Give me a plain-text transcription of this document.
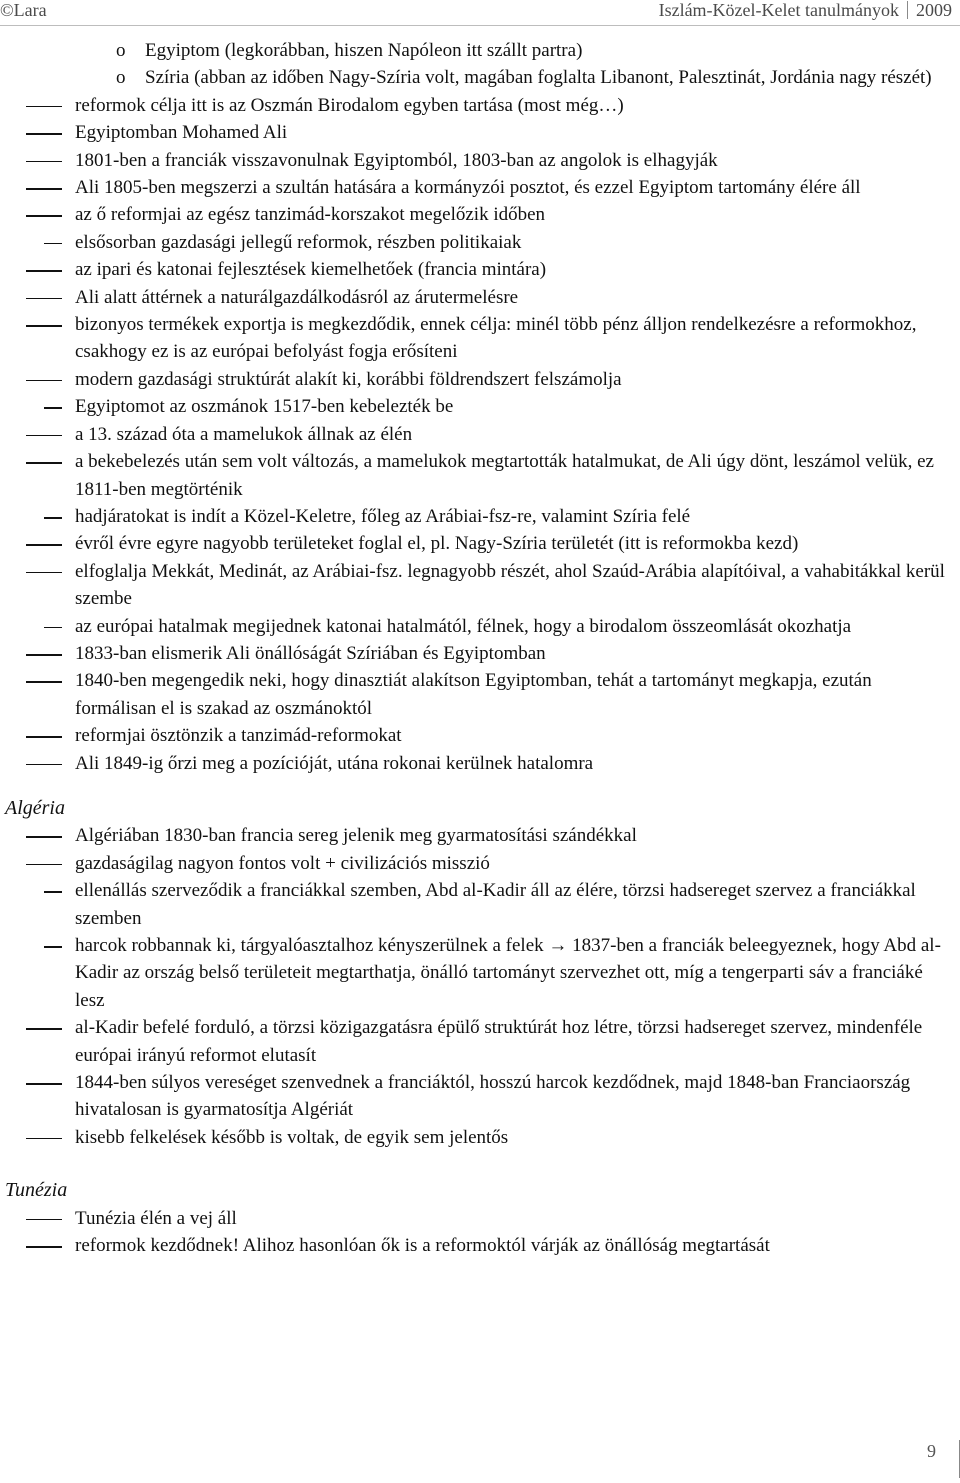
©Lara	Iszlám-Közel-Kelet tanulmányok 2009
o Egyiptom (legkorábban, hiszen Napóleon itt szállt partra)
o Szíria (abban az időben Nagy-Szíria volt, magában foglalta Libanont, Palesztinát, Jordánia nagy részét)
reformok célja itt is az Oszmán Birodalom egyben tartása (most még…)
Egyiptomban Mohamed Ali
1801-ben a franciák visszavonulnak Egyiptomból, 1803-ban az angolok is elhagyják
Ali 1805-ben megszerzi a szultán hatására a kormányzói posztot, és ezzel Egyiptom tartomány élére áll
az ő reformjai az egész tanzimád-korszakot megelőzik időben
elsősorban gazdasági jellegű reformok, részben politikaiak
az ipari és katonai fejlesztések kiemelhetőek (francia mintára)
Ali alatt áttérnek a naturálgazdálkodásról az árutermelésre
bizonyos termékek exportja is megkezdődik, ennek célja: minél több pénz álljon rendelkezésre a reformokhoz, csakhogy ez is az európai befolyást fogja erősíteni
modern gazdasági struktúrát alakít ki, korábbi földrendszert felszámolja
Egyiptomot az oszmánok 1517-ben kebelezték be
a 13. század óta a mamelukok állnak az élén
a bekebelezés után sem volt változás, a mamelukok megtartották hatalmukat, de Ali úgy dönt, leszámol velük, ez 1811-ben megtörténik
hadjáratokat is indít a Közel-Keletre, főleg az Arábiai-fsz-re, valamint Szíria felé
évről évre egyre nagyobb területeket foglal el, pl. Nagy-Szíria területét (itt is reformokba kezd)
elfoglalja Mekkát, Medinát, az Arábiai-fsz. legnagyobb részét, ahol Szaúd-Arábia alapítóival, a vahabitákkal kerül szembe
az európai hatalmak megijednek katonai hatalmától, félnek, hogy a birodalom összeomlását okozhatja
1833-ban elismerik Ali önállóságát Szíriában és Egyiptomban
1840-ben megengedik neki, hogy dinasztiát alakítson Egyiptomban, tehát a tartományt megkapja, ezután formálisan el is szakad az oszmánoktól
reformjai ösztönzik a tanzimád-reformokat
Ali 1849-ig őrzi meg a pozícióját, utána rokonai kerülnek hatalomra
Algéria
Algériában 1830-ban francia sereg jelenik meg gyarmatosítási szándékkal
gazdaságilag nagyon fontos volt + civilizációs misszió
ellenállás szerveződik a franciákkal szemben, Abd al-Kadir áll az élére, törzsi hadsereget szervez a franciákkal szemben
harcok robbannak ki, tárgyalóasztalhoz kényszerülnek a felek → 1837-ben a franciák beleegyeznek, hogy Abd al-Kadir az ország belső területeit megtarthatja, önálló tartományt szervezhet ott, míg a tengerparti sáv a franciáké lesz
al-Kadir befelé forduló, a törzsi közigazgatásra épülő struktúrát hoz létre, törzsi hadsereget szervez, mindenféle európai irányú reformot elutasít
1844-ben súlyos vereséget szenvednek a franciáktól, hosszú harcok kezdődnek, majd 1848-ban Franciaország hivatalosan is gyarmatosítja Algériát
kisebb felkelések később is voltak, de egyik sem jelentős
Tunézia
Tunézia élén a vej áll
reformok kezdődnek! Alihoz hasonlóan ők is a reformoktól várják az önállóság megtartását
9
